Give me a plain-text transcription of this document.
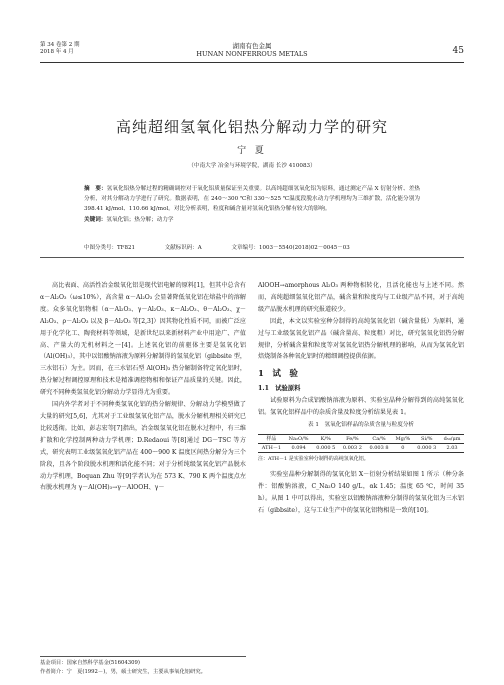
第 34 卷第 2 期
2018 年 4 月
湖南有色金属
HUNAN NONFERROUS METALS	45
高纯超细氢氧化铝热分解动力学的研究
宁 夏
（中南大学 冶金与环境学院，湖南 长沙 410083）
摘　要：氢氧化铝热分解过程的精确调控对于氧化铝质量保证至关重要。以高纯超细氢氧化铝为原料，通过测定产品 X 衍射分析、差热分析，对其分解动力学进行了研究。数据表明，在 240～300 ℃和 330～525 ℃温度段脱水动力学机理均为三维扩散，活化能分别为 398.41 kJ/mol、110.66 kJ/mol。对比分析表明，粒度和碱含量对氢氧化铝热分解有较大的影响。
关键词：氢氧化铝；热分解；动力学
中图分类号：TF821	文献标识码：A	文章编号：1003－5540(2018)02－0045－03

高比表面、高活性冶金级氧化铝是现代铝电解的原料[1]，但其中总含有 α－Al₂O₃（ω≤10%），高含量 α－Al₂O₃ 会显著降低氧化铝在熔盐中的溶解度。众多氧化铝物相（α－Al₂O₃、γ－Al₂O₃、κ－Al₂O₃、θ－Al₂O₃、χ－Al₂O₃、ρ－Al₂O₃ 以及 β－Al₂O₃ 等[2,3]）因其物化性质不同，而被广泛应用于化学化工、陶瓷材料等领域，是新世纪以来新材料产业中用途广、产值高、产量大的无机材料之一[4]。上述氧化铝的前驱体主要是氢氧化铝（Al(OH)₃），其中以铝酸钠溶液为原料分解制得的氢氧化铝（gibbsite 型，三水铝石）为主。因而，在三水铝石型 Al(OH)₃ 热分解制备特定氧化铝时，热分解过程调控原理和技术是精准调控物相和保证产品质量的关键。因此，研究不同种类氢氧化铝分解动力学显得尤为重要。

国内外学者对于不同种类氢氧化铝的热分解规律、分解动力学模型做了大量的研究[5,6]，尤其对于工业级氢氧化铝产品，脱水分解机理相关研究已比较透彻。比如，彭志宏等[7]指出，冶金级氢氧化铝在脱水过程中，有三维扩散和化学控制两种动力学机理；D.Redaoui 等[8]通过 DG－TSC 等方式，研究表明工业级氢氧化铝产品在 400～900 K 温度区间热分解分为三个阶段，且各个阶段脱水机理和活化能不同；对于分析纯级氢氧化铝产品脱水动力学机理，Boquan Zhu 等[9]学者认为在 573 K、790 K 两个温度点左右脱水机理为 γ－Al(OH)₃→γ－AlOOH、γ－

AlOOH→amorphous Al₂O₃ 两种物相转化，且活化能也与上述不同。然而，高纯超细氢氧化铝产品，碱含量和粒度均与工业级产品不同，对于高纯级产品脱水机理的研究报道较少。

因此，本文以实验室种分制得的高纯氢氧化铝（碱含量低）为原料，通过与工业级氢氧化铝产品（碱含量高、粒度粗）对比，研究氢氧化铝热分解规律，分析碱含量和粒度等对氢氧化铝热分解机理的影响，从而为氢氧化铝焙烧制备各种氧化铝时的精细调控提供依据。

1　试　验
1.1　试验原料

试验原料为合成铝酸钠溶液为原料、实验室晶种分解得到的高纯氢氧化铝。氢氧化铝样品中的杂质含量及粒度分析结果见表 1。

表 1　氢氧化铝样品的杂质含量与粒度分析
样品	Na₂O/%	K/%	Fe/%	Ca/%	Mg/%	Si/%	d₅₀/μm
ATH－1	0.094	0.000 5	0.003 2	0.003 8	0	0.000 3	2.03
注：ATH－1 是实验室种分制得的高纯氢氧化铝。

实验室晶种分解制得的氢氧化铝 X－衍射分析结果如图 1 所示（种分条件：铝酸钠溶液，C_Na₂O 140 g/L，αk 1.45；温度 65 ℃，时间 35 h）。从图 1 中可以得出，实验室以铝酸钠溶液种分制得的氢氧化铝为三水铝石（gibbsite），这与工业生产中的氢氧化铝物相是一致的[10]。

基金项目：国家自然科学基金(51604309)
作者简介：宁　夏(1992－)，男，硕士研究生，主要从事氧化铝研究。
